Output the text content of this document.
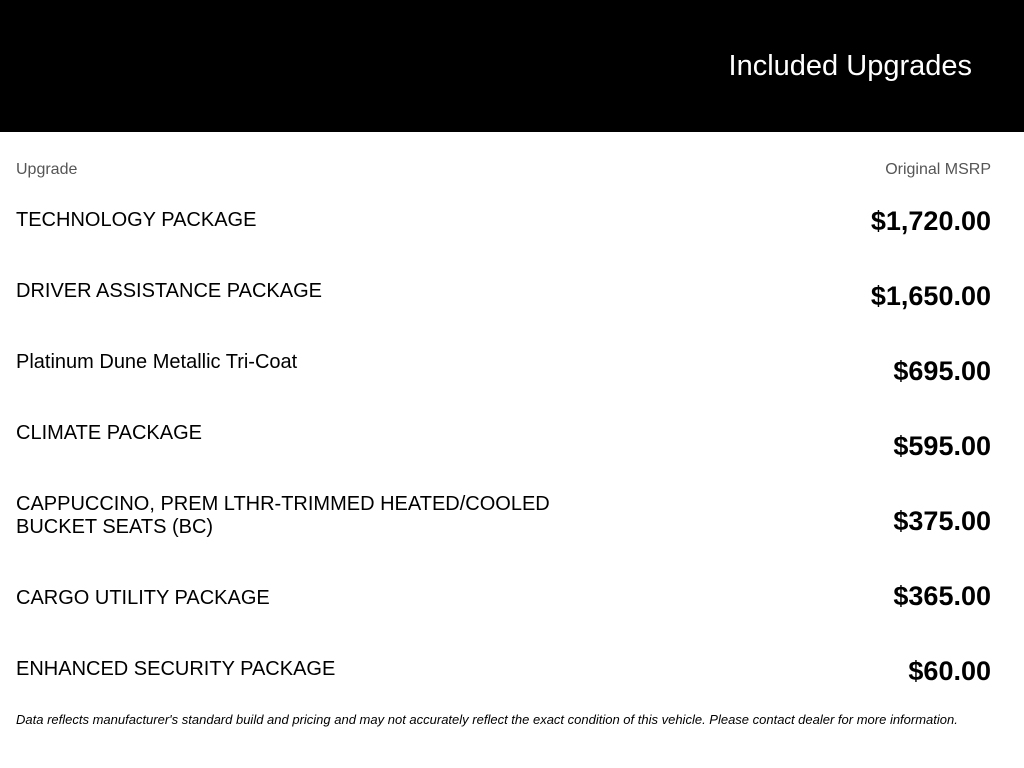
Included Upgrades
Upgrade	Original MSRP
TECHNOLOGY PACKAGE	$1,720.00
DRIVER ASSISTANCE PACKAGE	$1,650.00
Platinum Dune Metallic Tri-Coat	$695.00
CLIMATE PACKAGE	$595.00
CAPPUCCINO, PREM LTHR-TRIMMED HEATED/COOLED BUCKET SEATS (BC)	$375.00
CARGO UTILITY PACKAGE	$365.00
ENHANCED SECURITY PACKAGE	$60.00
Data reflects manufacturer's standard build and pricing and may not accurately reflect the exact condition of this vehicle. Please contact dealer for more information.
